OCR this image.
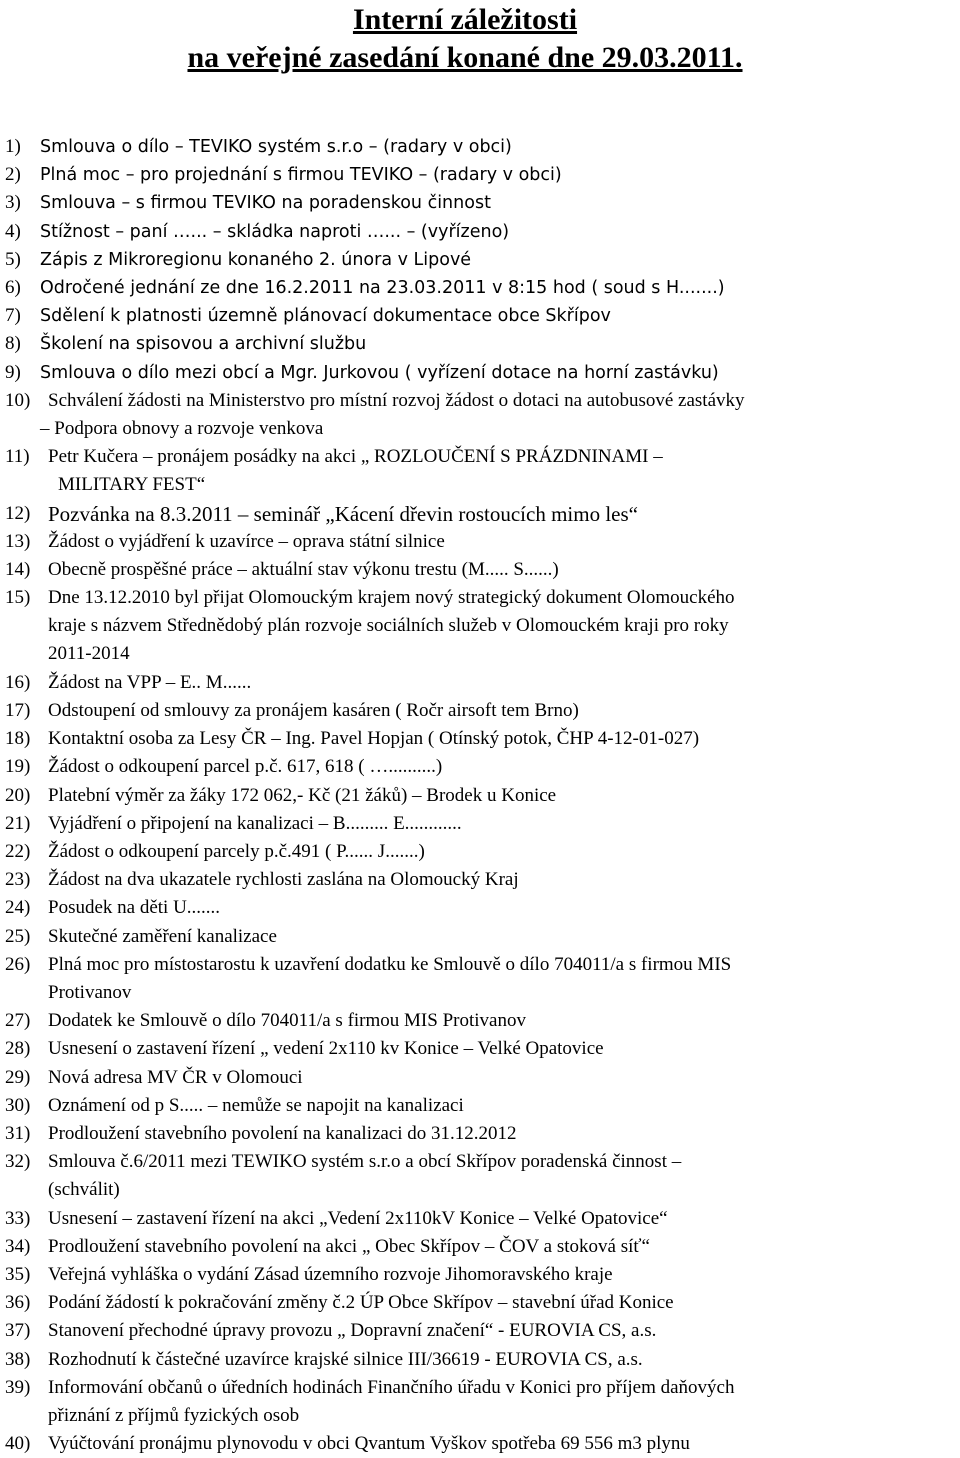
Interní záležitosti
na veřejné zasedání konané dne 29.03.2011.
1) Smlouva o dílo – TEVIKO systém s.r.o – (radary v obci)
2) Plná moc – pro projednání s firmou TEVIKO – (radary v obci)
3) Smlouva – s firmou TEVIKO na poradenskou činnost
4) Stížnost – paní …... – skládka naproti …... – (vyřízeno)
5) Zápis z Mikroregionu konaného 2. února v Lipové
6) Odročené jednání ze dne 16.2.2011 na 23.03.2011 v 8:15 hod ( soud s H.......)
7) Sdělení k platnosti územně plánovací dokumentace obce Skřípov
8) Školení na spisovou a archivní službu
9) Smlouva o dílo mezi obcí a Mgr. Jurkovou ( vyřízení dotace na horní zastávku)
10) Schválení žádosti na Ministerstvo pro místní rozvoj žádost o dotaci na autobusové zastávky
– Podpora obnovy a rozvoje venkova
11) Petr Kučera – pronájem posádky na akci „ ROZLOUČENÍ S PRÁZDNINAMI –
MILITARY FEST“
12) Pozvánka na 8.3.2011 – seminář „Kácení dřevin rostoucích mimo les“
13) Žádost o vyjádření k uzavírce – oprava státní silnice
14) Obecně prospěšné práce – aktuální stav výkonu trestu (M..... S......)
15) Dne 13.12.2010 byl přijat Olomouckým krajem nový strategický dokument Olomouckého
kraje s názvem Střednědobý plán rozvoje sociálních služeb v Olomouckém kraji pro roky
2011-2014
16) Žádost na VPP – E.. M......
17) Odstoupení od smlouvy za pronájem kasáren ( Ročr airsoft tem Brno)
18) Kontaktní osoba za Lesy ČR – Ing. Pavel Hopjan ( Otínský potok, ČHP 4-12-01-027)
19) Žádost o odkoupení parcel p.č. 617, 618 ( …..........)
20) Platební výměr za žáky 172 062,- Kč (21 žáků) – Brodek u Konice
21) Vyjádření o připojení na kanalizaci – B......... E............
22) Žádost o odkoupení parcely p.č.491 ( P...... J.......)
23) Žádost na dva ukazatele rychlosti zaslána na Olomoucký Kraj
24) Posudek na děti U.......
25) Skutečné zaměření kanalizace
26) Plná moc pro místostarostu k uzavření dodatku ke Smlouvě o dílo 704011/a s firmou MIS
Protivanov
27) Dodatek ke Smlouvě o dílo 704011/a s firmou MIS Protivanov
28) Usnesení o zastavení řízení „ vedení 2x110 kv Konice – Velké Opatovice
29) Nová adresa MV ČR v Olomouci
30) Oznámení od p S..... – nemůže se napojit na kanalizaci
31) Prodloužení stavebního povolení na kanalizaci do 31.12.2012
32) Smlouva č.6/2011 mezi TEWIKO systém s.r.o a obcí Skřípov poradenská činnost –
(schválit)
33) Usnesení – zastavení řízení na akci „Vedení 2x110kV Konice – Velké Opatovice“
34) Prodloužení stavebního povolení na akci „ Obec Skřípov – ČOV a stoková síť“
35) Veřejná vyhláška o vydání Zásad územního rozvoje Jihomoravského kraje
36) Podání žádostí k pokračování změny č.2 ÚP Obce Skřípov – stavební úřad Konice
37) Stanovení přechodné úpravy provozu „ Dopravní značení“ - EUROVIA CS, a.s.
38) Rozhodnutí k částečné uzavírce krajské silnice III/36619 - EUROVIA CS, a.s.
39) Informování občanů o úředních hodinách Finančního úřadu v Konici pro příjem daňových
přiznání z příjmů fyzických osob
40) Vyúčtování pronájmu plynovodu v obci Qvantum Vyškov spotřeba 69 556 m3 plynu
